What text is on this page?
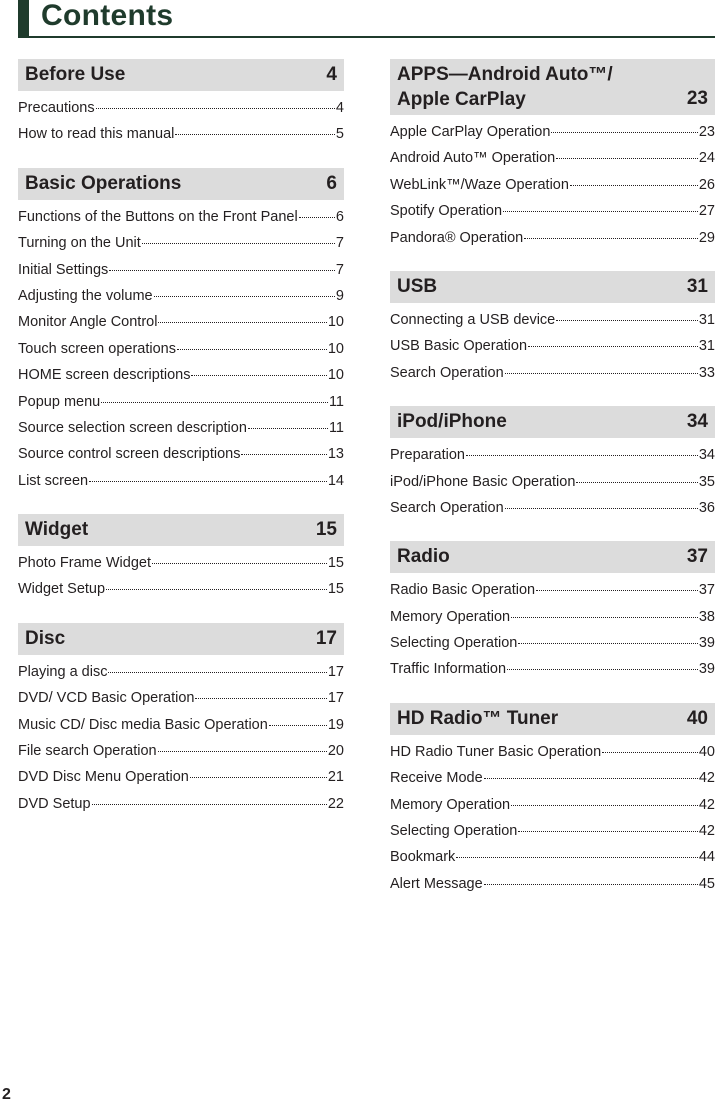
Contents
Before Use	4
Precautions	4
How to read this manual	5
Basic Operations	6
Functions of the Buttons on the Front Panel	6
Turning on the Unit	7
Initial Settings	7
Adjusting the volume	9
Monitor Angle Control	10
Touch screen operations	10
HOME screen descriptions	10
Popup menu	11
Source selection screen description	11
Source control screen descriptions	13
List screen	14
Widget	15
Photo Frame Widget	15
Widget Setup	15
Disc	17
Playing a disc	17
DVD/ VCD Basic Operation	17
Music CD/ Disc media Basic Operation	19
File search Operation	20
DVD Disc Menu Operation	21
DVD Setup	22
APPS—Android Auto™/
Apple CarPlay	23
Apple CarPlay Operation	23
Android Auto™ Operation	24
WebLink™/Waze Operation	26
Spotify Operation	27
Pandora® Operation	29
USB	31
Connecting a USB device	31
USB Basic Operation	31
Search Operation	33
iPod/iPhone	34
Preparation	34
iPod/iPhone Basic Operation	35
Search Operation	36
Radio	37
Radio Basic Operation	37
Memory Operation	38
Selecting Operation	39
Traffic Information	39
HD Radio™ Tuner	40
HD Radio Tuner Basic Operation	40
Receive Mode	42
Memory Operation	42
Selecting Operation	42
Bookmark	44
Alert Message	45
2
